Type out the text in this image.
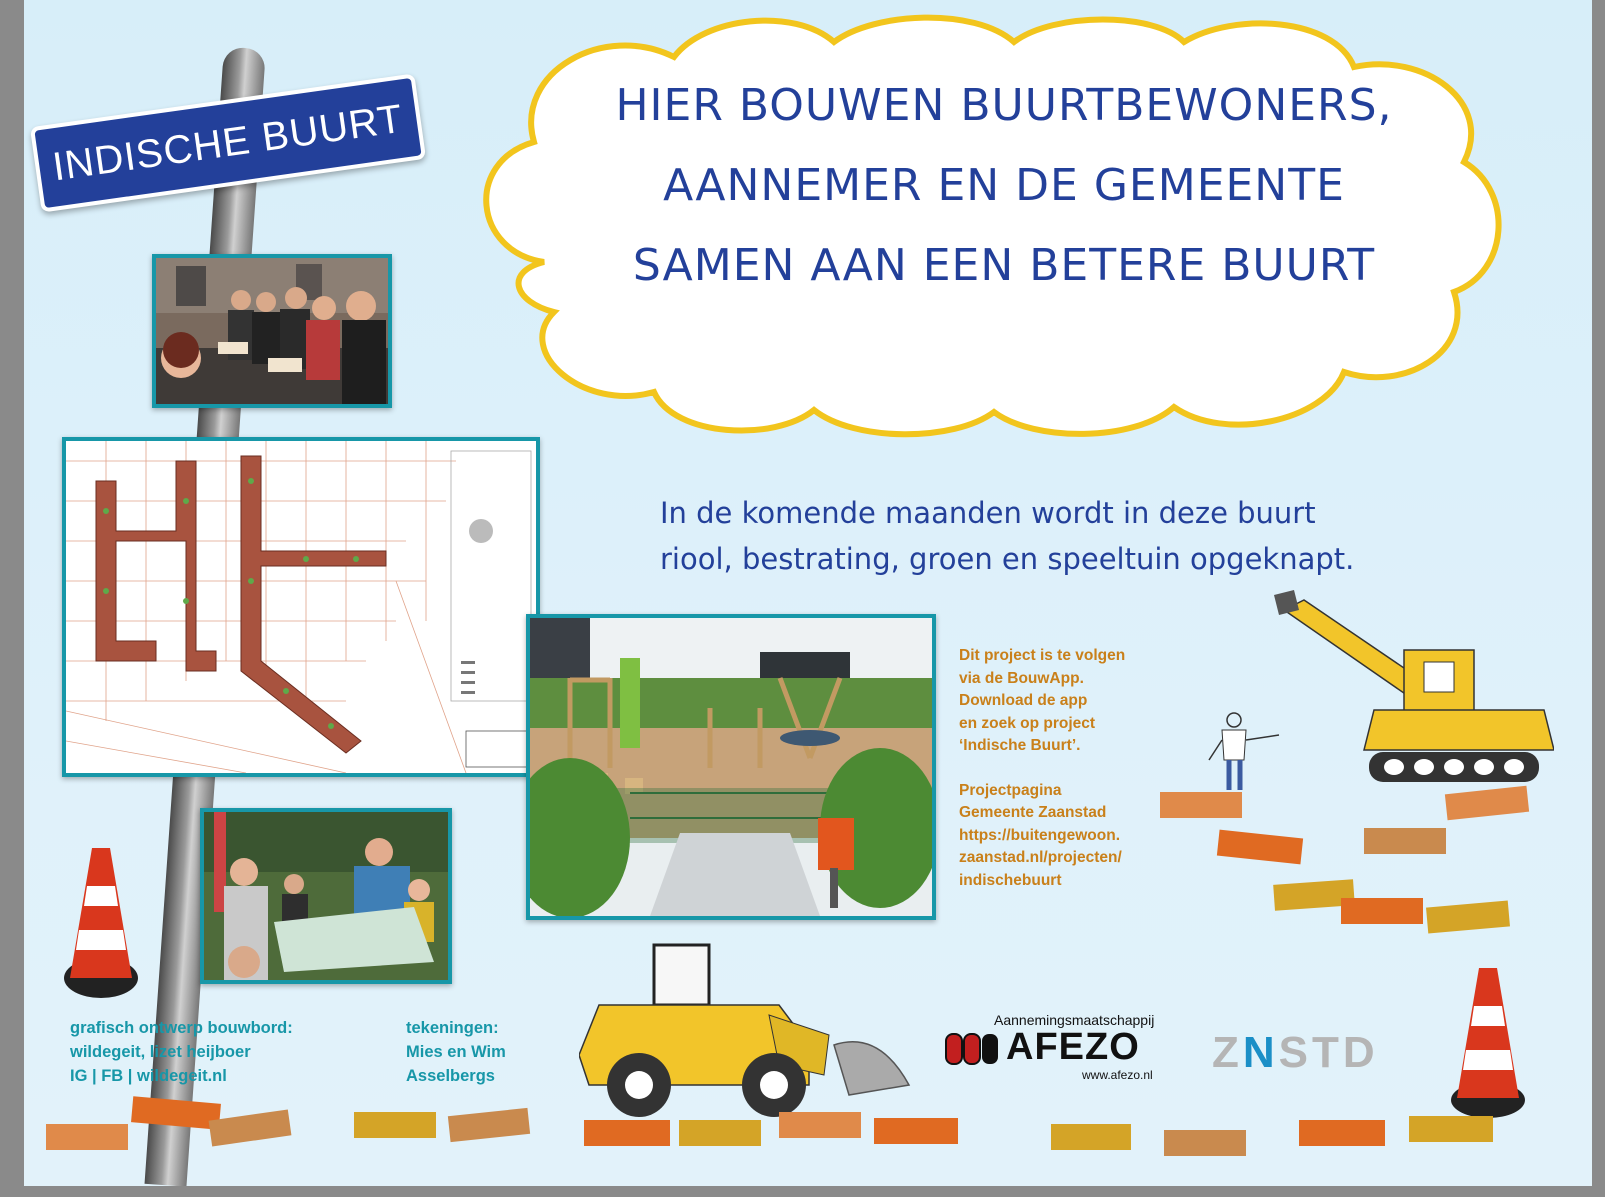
INDISCHE BUURT	HIER BOUWEN BUURTBEWONERS,
AANNEMER EN DE GEMEENTE
SAMEN AAN EEN BETERE BUURT
In de komende maanden wordt in deze buurt
riool, bestrating, groen en speeltuin opgeknapt.

Dit project is te volgen

via de BouwApp.

Download de app

en zoek op project

‘Indische Buurt’.

Projectpagina

Gemeente Zaanstad

https://buitengewoon.

zaanstad.nl/projecten/

indischebuurt

grafisch ontwerp bouwbord:

wildegeit, lizet heijboer

IG | FB | wildegeit.nl

tekeningen:

Mies en Wim

Asselbergs

Aannemingsmaatschappij
AFEZO
www.afezo.nl ZNSTD
